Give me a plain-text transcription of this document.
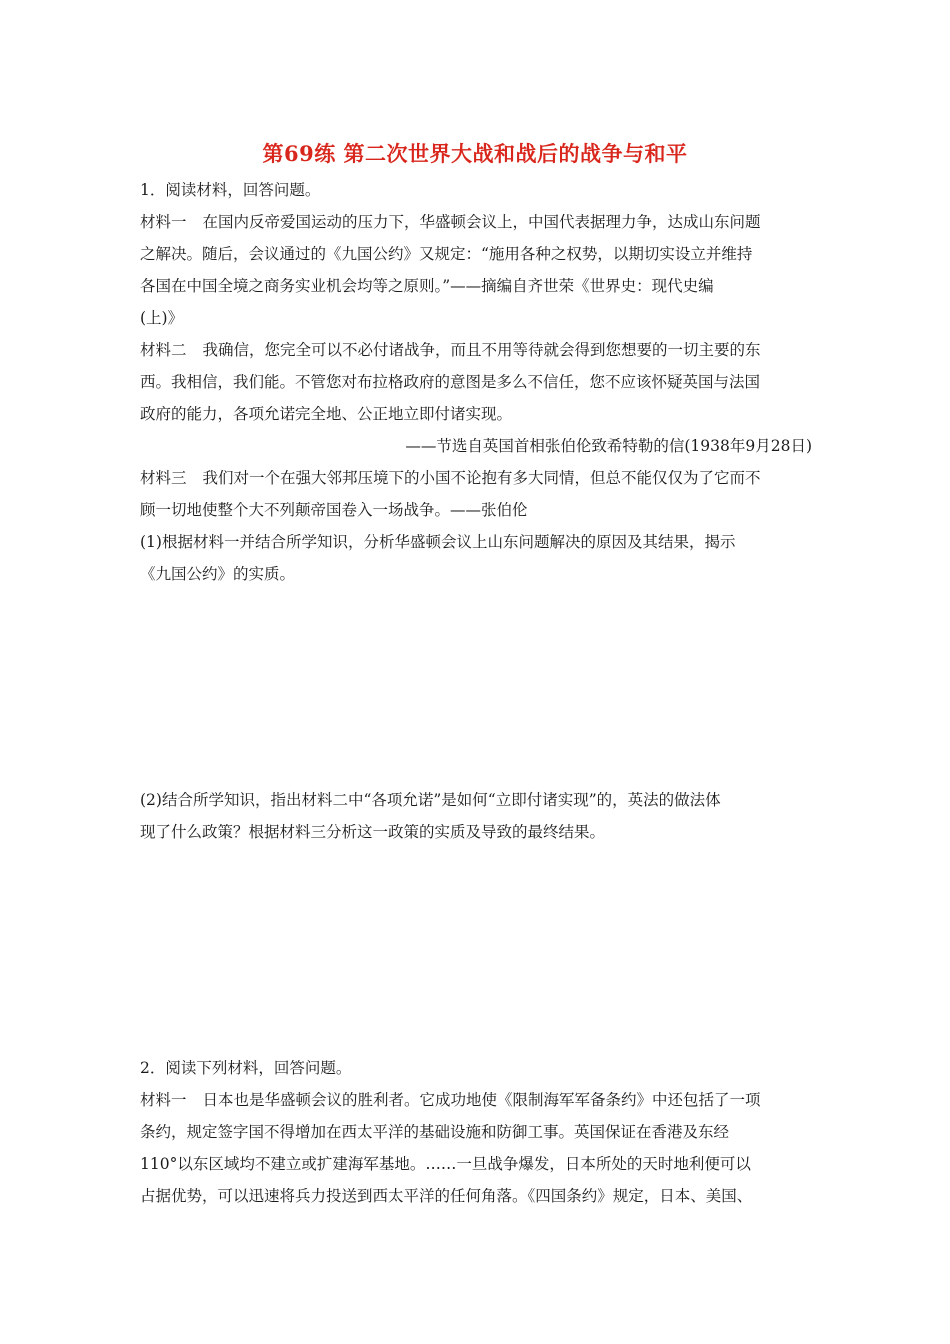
第69练 第二次世界大战和战后的战争与和平
1．阅读材料，回答问题。
材料一 在国内反帝爱国运动的压力下，华盛顿会议上，中国代表据理力争，达成山东问题
之解决。随后，会议通过的《九国公约》又规定：“施用各种之权势，以期切实设立并维持
各国在中国全境之商务实业机会均等之原则。”——摘编自齐世荣《世界史：现代史编
(上)》
材料二 我确信，您完全可以不必付诸战争，而且不用等待就会得到您想要的一切主要的东
西。我相信，我们能。不管您对布拉格政府的意图是多么不信任，您不应该怀疑英国与法国
政府的能力，各项允诺完全地、公正地立即付诸实现。
——节选自英国首相张伯伦致希特勒的信(1938年9月28日)
材料三 我们对一个在强大邻邦压境下的小国不论抱有多大同情，但总不能仅仅为了它而不
顾一切地使整个大不列颠帝国卷入一场战争。——张伯伦
(1)根据材料一并结合所学知识，分析华盛顿会议上山东问题解决的原因及其结果，揭示
《九国公约》的实质。
(2)结合所学知识，指出材料二中“各项允诺”是如何“立即付诸实现”的，英法的做法体
现了什么政策？根据材料三分析这一政策的实质及导致的最终结果。
2．阅读下列材料，回答问题。
材料一 日本也是华盛顿会议的胜利者。它成功地使《限制海军军备条约》中还包括了一项
条约，规定签字国不得增加在西太平洋的基础设施和防御工事。英国保证在香港及东经
110°以东区域均不建立或扩建海军基地。……一旦战争爆发，日本所处的天时地利便可以
占据优势，可以迅速将兵力投送到西太平洋的任何角落。《四国条约》规定，日本、美国、
